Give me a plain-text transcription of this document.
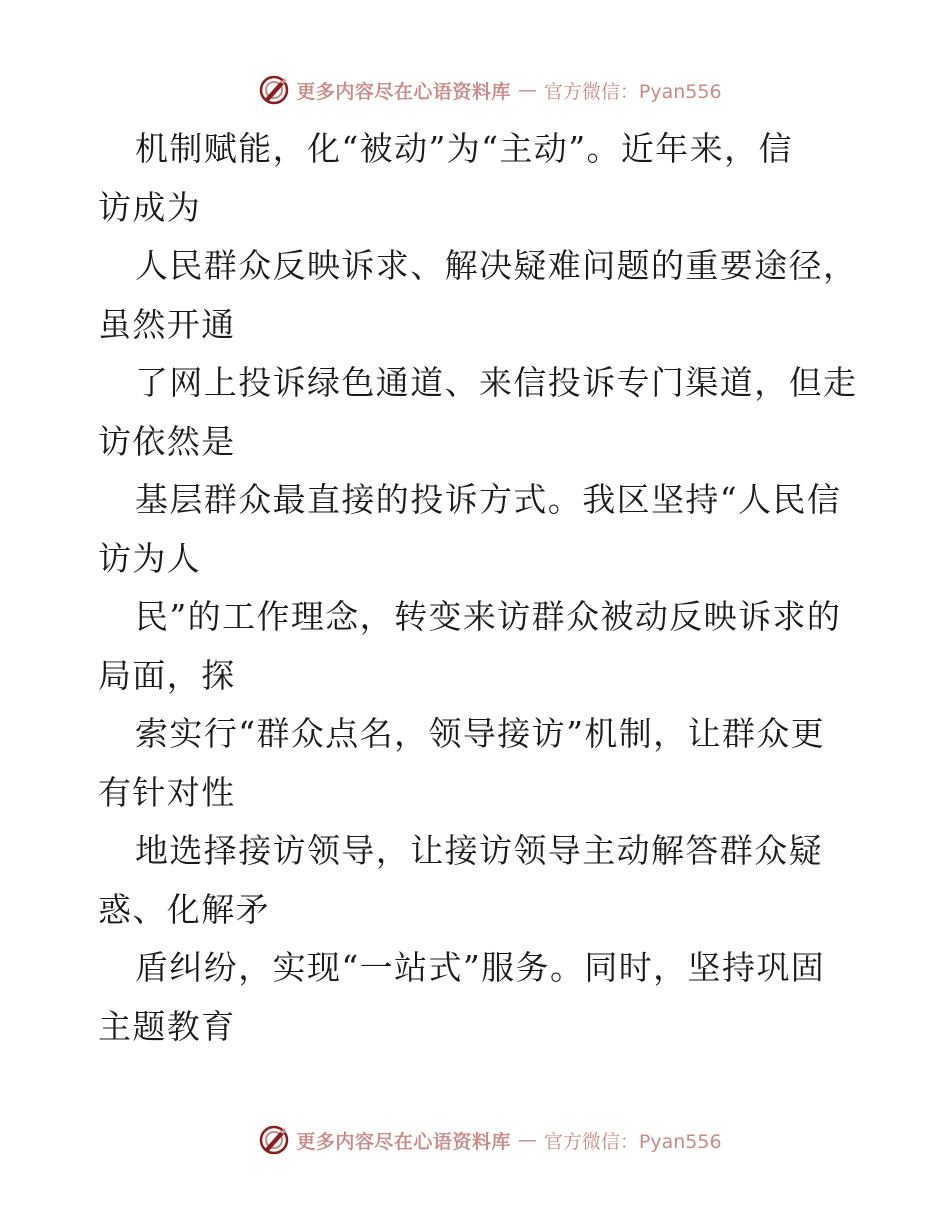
更多内容尽在心语资料库 — 官方微信：Pyan556
机制赋能，化“被动”为“主动”。近年来，信
访成为
人民群众反映诉求、解决疑难问题的重要途径，
虽然开通
了网上投诉绿色通道、来信投诉专门渠道，但走
访依然是
基层群众最直接的投诉方式。我区坚持“人民信
访为人
民”的工作理念，转变来访群众被动反映诉求的
局面，探
索实行“群众点名，领导接访”机制，让群众更
有针对性
地选择接访领导，让接访领导主动解答群众疑
惑、化解矛
盾纠纷，实现“一站式”服务。同时，坚持巩固
主题教育
更多内容尽在心语资料库 — 官方微信：Pyan556
